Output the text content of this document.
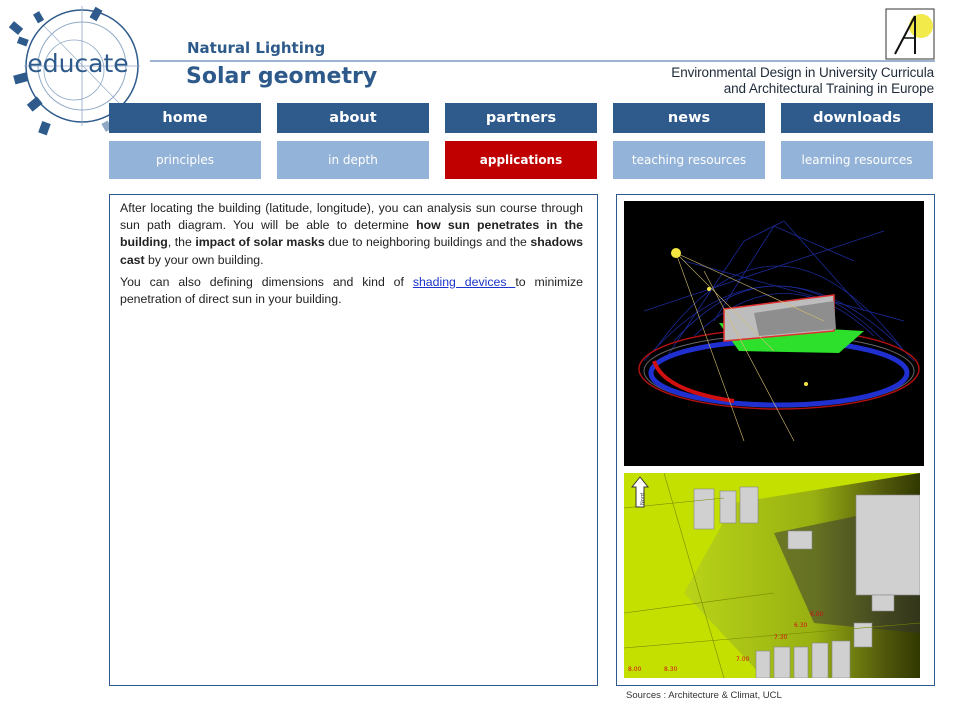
educate
Natural Lighting
Solar geometry	Environmental Design in University Curricula
and Architectural Training in Europe
home	about	partners	news	downloads
principles	in depth	applications	teaching resources	learning resources

After locating the building (latitude, longitude), you can analysis sun course through sun path diagram. You will be able to determine how sun penetrates in the building, the impact of solar masks due to neighboring buildings and the shadows cast by your own building.

You can also defining dimensions and kind of shading devices to minimize penetration of direct sun in your building.

Nord
8.00	8.30
7.00
7.30
6.30
6.00
Sources : Architecture & Climat, UCL
